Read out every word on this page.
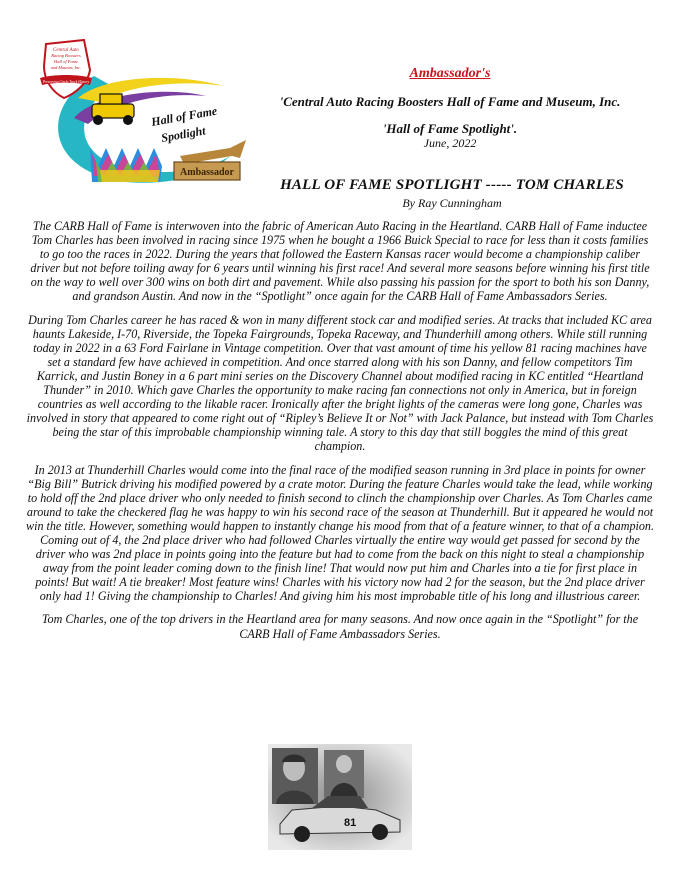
Central Auto
Racing Boosters
Hall of Fame
and Museum, Inc.
Preserving Circle Track History
Hall of Fame
Spotlight
Ambassador
Ambassador's
'Central Auto Racing Boosters Hall of Fame and Museum, Inc.
'Hall of Fame Spotlight'.
June, 2022
HALL OF FAME SPOTLIGHT ----- TOM CHARLES
By Ray Cunningham

The CARB Hall of Fame is interwoven into the fabric of American Auto Racing in the Heartland. CARB Hall of Fame inductee Tom Charles has been involved in racing since 1975 when he bought a 1966 Buick Special to race for less than it costs families to go too the races in 2022. During the years that followed the Eastern Kansas racer would become a championship caliber driver but not before toiling away for 6 years until winning his first race! And several more seasons before winning his first title on the way to well over 300 wins on both dirt and pavement. While also passing his passion for the sport to both his son Danny, and grandson Austin. And now in the “Spotlight” once again for the CARB Hall of Fame Ambassadors Series.

During Tom Charles career he has raced & won in many different stock car and modified series. At tracks that included KC area haunts Lakeside, I-70, Riverside, the Topeka Fairgrounds, Topeka Raceway, and Thunderhill among others. While still running today in 2022 in a 63 Ford Fairlane in Vintage competition. Over that vast amount of time his yellow 81 racing machines have set a standard few have achieved in competition. And once starred along with his son Danny, and fellow competitors Tim Karrick, and Justin Boney in a 6 part mini series on the Discovery Channel about modified racing in KC entitled “Heartland Thunder” in 2010. Which gave Charles the opportunity to make racing fan connections not only in America, but in foreign countries as well according to the likable racer. Ironically after the bright lights of the cameras were long gone, Charles was involved in story that appeared to come right out of “Ripley’s Believe It or Not” with Jack Palance, but instead with Tom Charles being the star of this improbable championship winning tale. A story to this day that still boggles the mind of this great champion.

In 2013 at Thunderhill Charles would come into the final race of the modified season running in 3rd place in points for owner “Big Bill” Butrick driving his modified powered by a crate motor. During the feature Charles would take the lead, while working to hold off the 2nd place driver who only needed to finish second to clinch the championship over Charles. As Tom Charles came around to take the checkered flag he was happy to win his second race of the season at Thunderhill. But it appeared he would not win the title. However, something would happen to instantly change his mood from that of a feature winner, to that of a champion. Coming out of 4, the 2nd place driver who had followed Charles virtually the entire way would get passed for second by the driver who was 2nd place in points going into the feature but had to come from the back on this night to steal a championship away from the point leader coming down to the finish line! That would now put him and Charles into a tie for first place in points! But wait! A tie breaker! Most feature wins! Charles with his victory now had 2 for the season, but the 2nd place driver only had 1! Giving the championship to Charles! And giving him his most improbable title of his long and illustrious career.

Tom Charles, one of the top drivers in the Heartland area for many seasons. And now once again in the “Spotlight” for the CARB Hall of Fame Ambassadors Series.

81
